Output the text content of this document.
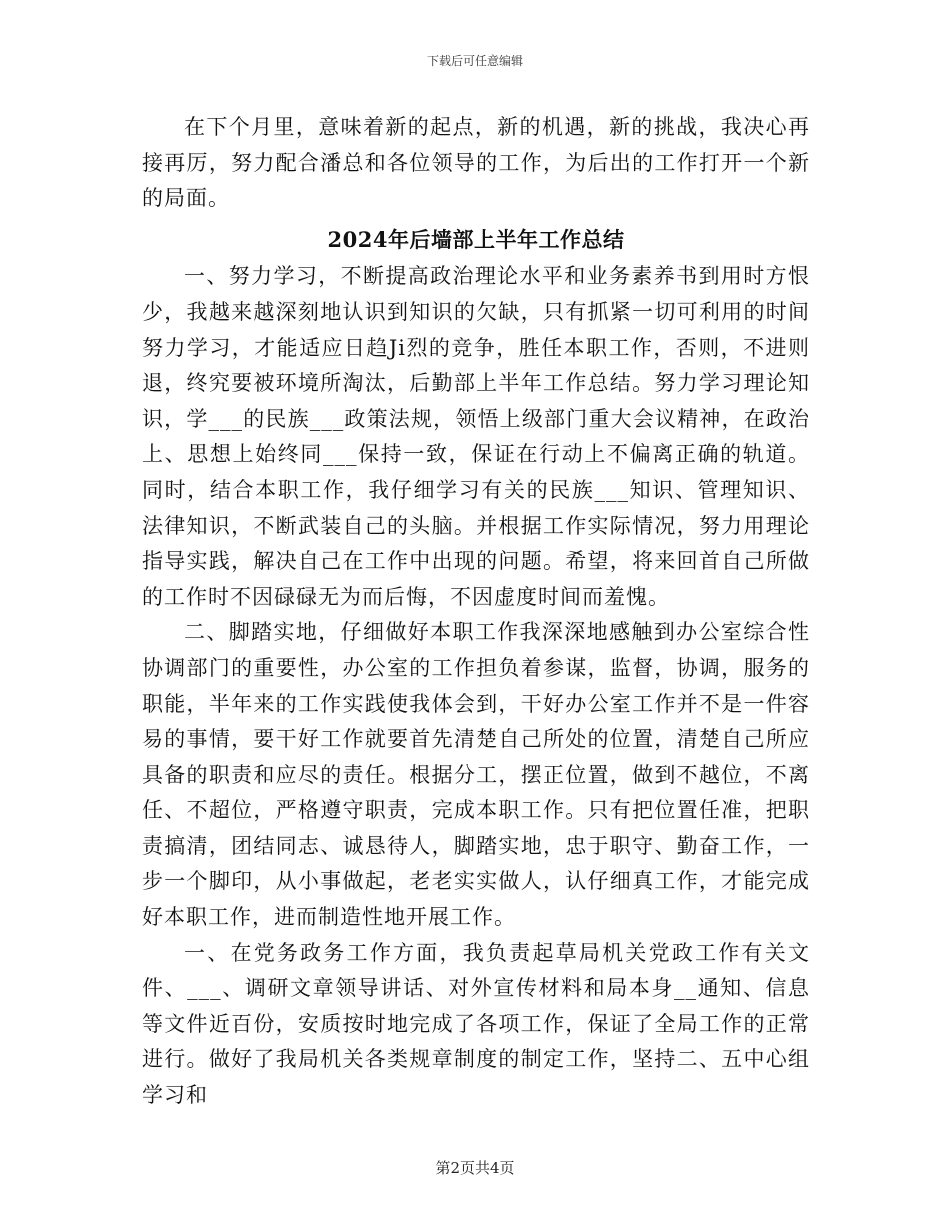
下载后可任意编辑

在下个月里，意味着新的起点，新的机遇，新的挑战，我决心再接再厉，努力配合潘总和各位领导的工作，为后出的工作打开一个新的局面。

2024年后墙部上半年工作总结

一、努力学习，不断提高政治理论水平和业务素养书到用时方恨少，我越来越深刻地认识到知识的欠缺，只有抓紧一切可利用的时间努力学习，才能适应日趋Ji烈的竞争，胜任本职工作，否则，不进则退，终究要被环境所淘汰，后勤部上半年工作总结。努力学习理论知识，学___的民族___政策法规，领悟上级部门重大会议精神，在政治上、思想上始终同___保持一致，保证在行动上不偏离正确的轨道。同时，结合本职工作，我仔细学习有关的民族___知识、管理知识、法律知识，不断武装自己的头脑。并根据工作实际情况，努力用理论指导实践，解决自己在工作中出现的问题。希望，将来回首自己所做的工作时不因碌碌无为而后悔，不因虚度时间而羞愧。

二、脚踏实地，仔细做好本职工作我深深地感触到办公室综合性协调部门的重要性，办公室的工作担负着参谋，监督，协调，服务的职能，半年来的工作实践使我体会到，干好办公室工作并不是一件容易的事情，要干好工作就要首先清楚自己所处的位置，清楚自己所应具备的职责和应尽的责任。根据分工，摆正位置，做到不越位，不离任、不超位，严格遵守职责，完成本职工作。只有把位置任准，把职责搞清，团结同志、诚恳待人，脚踏实地，忠于职守、勤奋工作，一步一个脚印，从小事做起，老老实实做人，认仔细真工作，才能完成好本职工作，进而制造性地开展工作。

一、在党务政务工作方面，我负责起草局机关党政工作有关文件、___、调研文章领导讲话、对外宣传材料和局本身__通知、信息等文件近百份，安质按时地完成了各项工作，保证了全局工作的正常进行。做好了我局机关各类规章制度的制定工作，坚持二、五中心组学习和

第2页共4页
